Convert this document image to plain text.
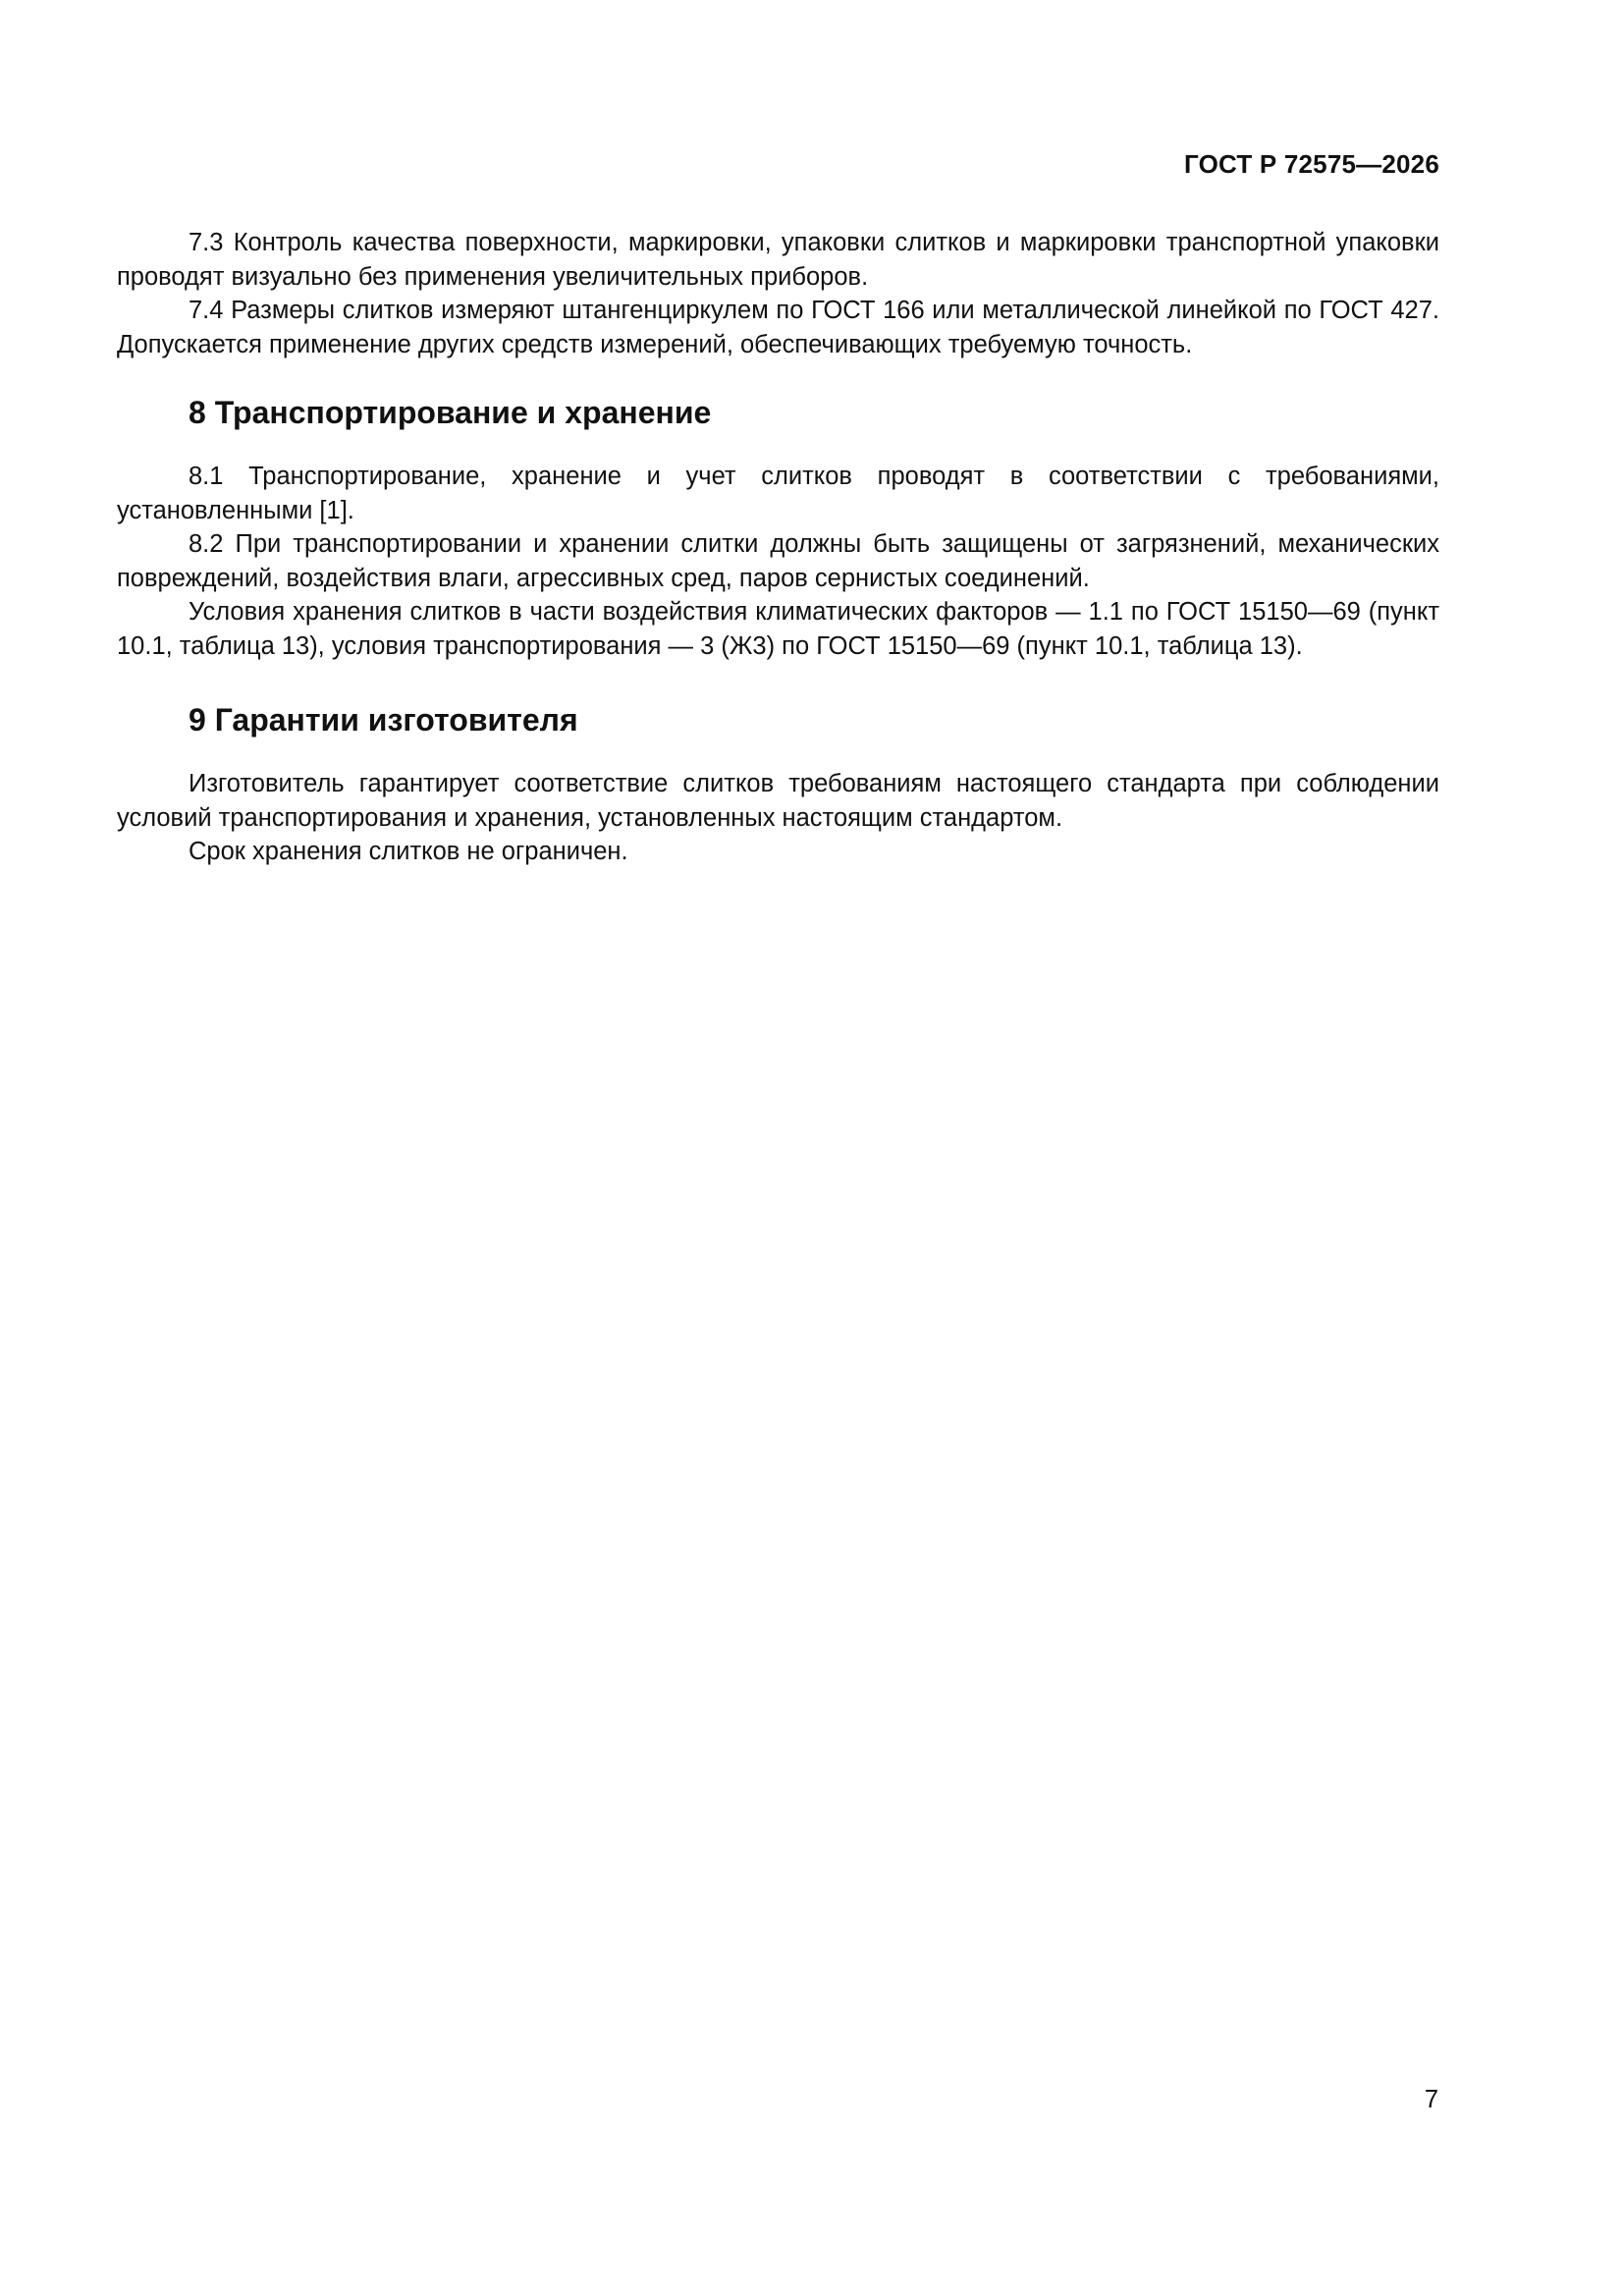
ГОСТ Р 72575—2026

7.3 Контроль качества поверхности, маркировки, упаковки слитков и маркировки транспортной упаковки проводят визуально без применения увеличительных приборов.

7.4 Размеры слитков измеряют штангенциркулем по ГОСТ 166 или металлической линейкой по ГОСТ 427. Допускается применение других средств измерений, обеспечивающих требуемую точность.

8 Транспортирование и хранение

8.1 Транспортирование, хранение и учет слитков проводят в соответствии с требованиями, установленными [1].

8.2 При транспортировании и хранении слитки должны быть защищены от загрязнений, механических повреждений, воздействия влаги, агрессивных сред, паров сернистых соединений.

Условия хранения слитков в части воздействия климатических факторов — 1.1 по ГОСТ 15150—69 (пункт 10.1, таблица 13), условия транспортирования — 3 (Ж3) по ГОСТ 15150—69 (пункт 10.1, таблица 13).

9 Гарантии изготовителя

Изготовитель гарантирует соответствие слитков требованиям настоящего стандарта при соблюдении условий транспортирования и хранения, установленных настоящим стандартом.

Срок хранения слитков не ограничен.

7
